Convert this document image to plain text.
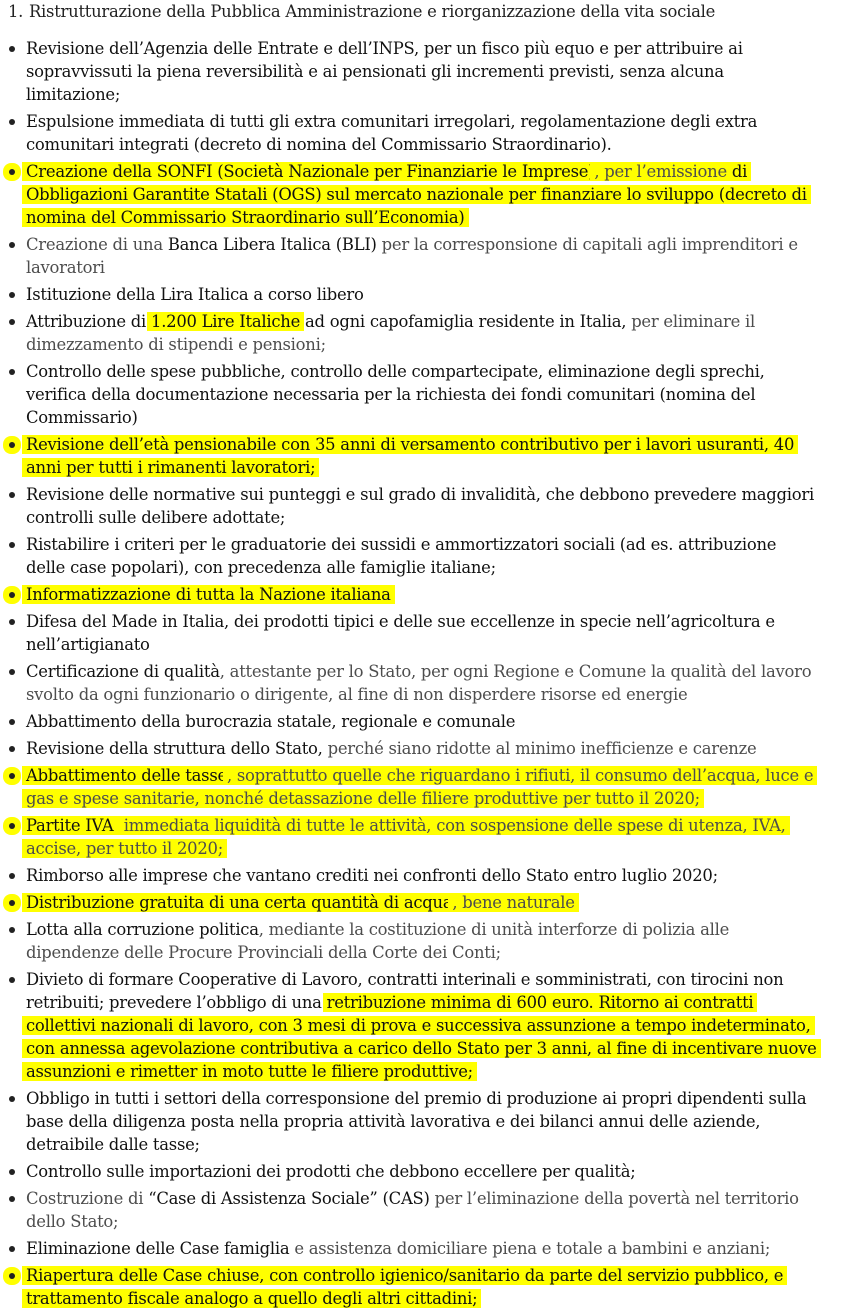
1. Ristrutturazione della Pubblica Amministrazione e riorganizzazione della vita sociale
Revisione dell’Agenzia delle Entrate e dell’INPS, per un fisco più equo e per attribuire ai sopravvissuti la piena reversibilità e ai pensionati gli incrementi previsti, senza alcuna limitazione;
Espulsione immediata di tutti gli extra comunitari irregolari, regolamentazione degli extra comunitari integrati (decreto di nomina del Commissario Straordinario).
Creazione della SONFI (Società Nazionale per Finanziarie le Imprese), per l’emissione di Obbligazioni Garantite Statali (OGS) sul mercato nazionale per finanziare lo sviluppo (decreto di nomina del Commissario Straordinario sull’Economia)
Creazione di una Banca Libera Italica (BLI) per la corresponsione di capitali agli imprenditori e lavoratori
Istituzione della Lira Italica a corso libero
Attribuzione di 1.200 Lire Italiche ad ogni capofamiglia residente in Italia, per eliminare il dimezzamento di stipendi e pensioni;
Controllo delle spese pubbliche, controllo delle compartecipate, eliminazione degli sprechi, verifica della documentazione necessaria per la richiesta dei fondi comunitari (nomina del Commissario)
Revisione dell’età pensionabile con 35 anni di versamento contributivo per i lavori usuranti, 40 anni per tutti i rimanenti lavoratori;
Revisione delle normative sui punteggi e sul grado di invalidità, che debbono prevedere maggiori controlli sulle delibere adottate;
Ristabilire i criteri per le graduatorie dei sussidi e ammortizzatori sociali (ad es. attribuzione delle case popolari), con precedenza alle famiglie italiane;
Informatizzazione di tutta la Nazione italiana
Difesa del Made in Italia, dei prodotti tipici e delle sue eccellenze in specie nell’agricoltura e nell’artigianato
Certificazione di qualità, attestante per lo Stato, per ogni Regione e Comune la qualità del lavoro svolto da ogni funzionario o dirigente, al fine di non disperdere risorse ed energie
Abbattimento della burocrazia statale, regionale e comunale
Revisione della struttura dello Stato, perché siano ridotte al minimo inefficienze e carenze
Abbattimento delle tasse, soprattutto quelle che riguardano i rifiuti, il consumo dell’acqua, luce e gas e spese sanitarie, nonché detassazione delle filiere produttive per tutto il 2020;
Partite IVA: immediata liquidità di tutte le attività, con sospensione delle spese di utenza, IVA, accise, per tutto il 2020;
Rimborso alle imprese che vantano crediti nei confronti dello Stato entro luglio 2020;
Distribuzione gratuita di una certa quantità di acqua, bene naturale
Lotta alla corruzione politica, mediante la costituzione di unità interforze di polizia alle dipendenze delle Procure Provinciali della Corte dei Conti;
Divieto di formare Cooperative di Lavoro, contratti interinali e somministrati, con tirocini non retribuiti; prevedere l’obbligo di una retribuzione minima di 600 euro. Ritorno ai contratti collettivi nazionali di lavoro, con 3 mesi di prova e successiva assunzione a tempo indeterminato, con annessa agevolazione contributiva a carico dello Stato per 3 anni, al fine di incentivare nuove assunzioni e rimetter in moto tutte le filiere produttive;
Obbligo in tutti i settori della corresponsione del premio di produzione ai propri dipendenti sulla base della diligenza posta nella propria attività lavorativa e dei bilanci annui delle aziende, detraibile dalle tasse;
Controllo sulle importazioni dei prodotti che debbono eccellere per qualità;
Costruzione di “Case di Assistenza Sociale” (CAS) per l’eliminazione della povertà nel territorio dello Stato;
Eliminazione delle Case famiglia e assistenza domiciliare piena e totale a bambini e anziani;
Riapertura delle Case chiuse, con controllo igienico/sanitario da parte del servizio pubblico, e trattamento fiscale analogo a quello degli altri cittadini;
